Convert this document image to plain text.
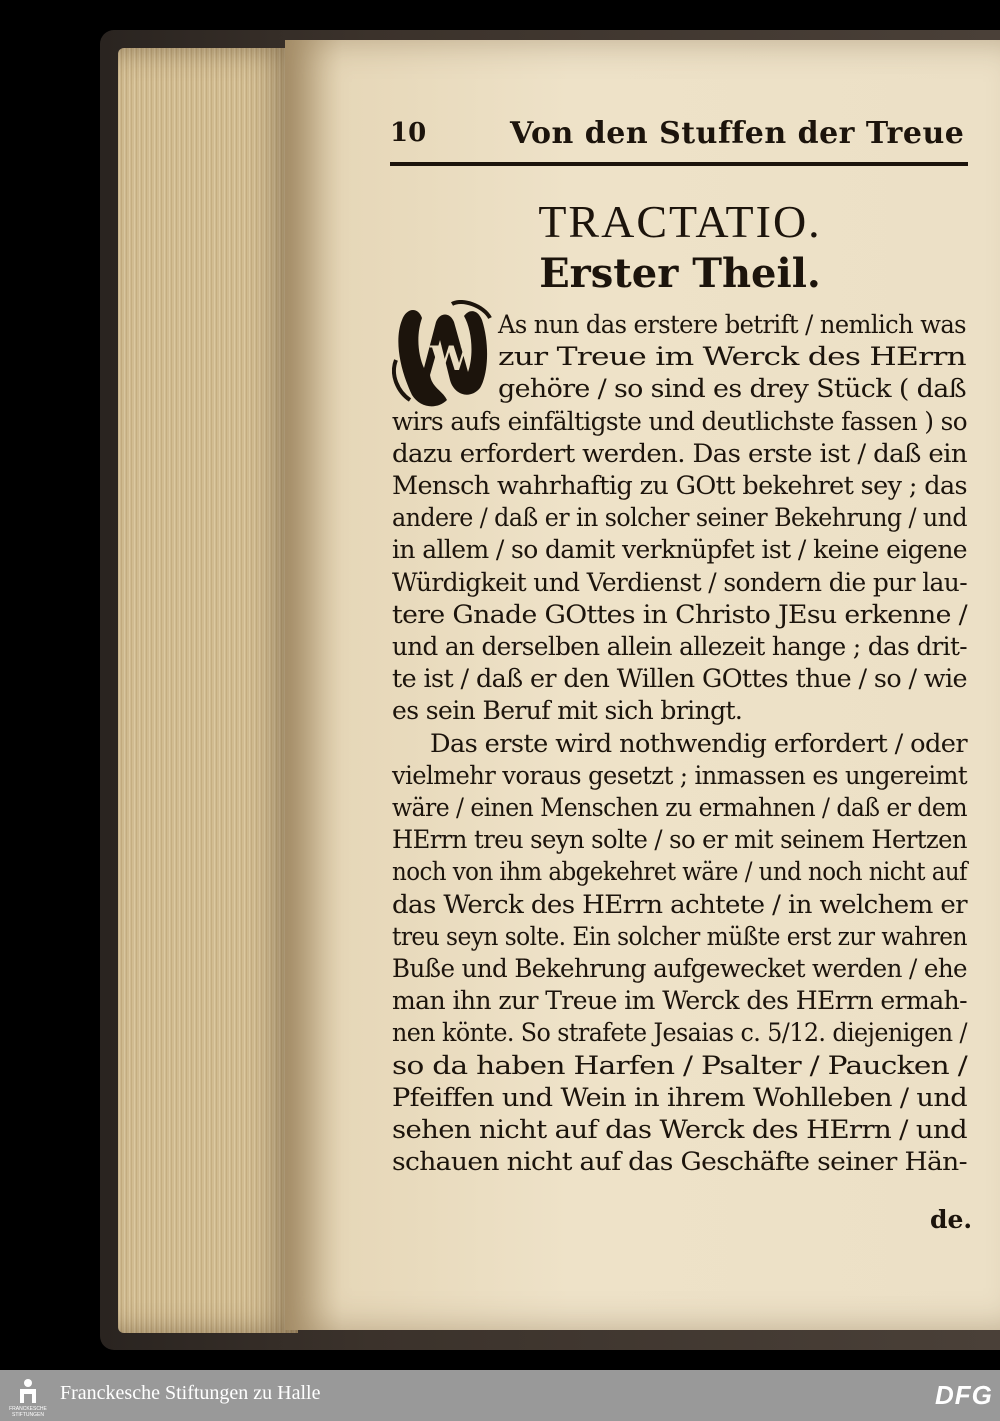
10	Von den Stuffen der Treue
TRACTATIO.
Erster Theil.
W
As nun das erstere betrift / nemlich was
zur Treue im Werck des HErrn
gehöre / so sind es drey Stück ( daß
wirs aufs einfältigste und deutlichste fassen ) so
dazu erfordert werden. Das erste ist / daß ein
Mensch wahrhaftig zu GOtt bekehret sey ; das
andere / daß er in solcher seiner Bekehrung / und
in allem / so damit verknüpfet ist / keine eigene
Würdigkeit und Verdienst / sondern die pur lau-
tere Gnade GOttes in Christo JEsu erkenne /
und an derselben allein allezeit hange ; das drit-
te ist / daß er den Willen GOttes thue / so / wie
es sein Beruf mit sich bringt.
Das erste wird nothwendig erfordert / oder
vielmehr voraus gesetzt ; inmassen es ungereimt
wäre / einen Menschen zu ermahnen / daß er dem
HErrn treu seyn solte / so er mit seinem Hertzen
noch von ihm abgekehret wäre / und noch nicht auf
das Werck des HErrn achtete / in welchem er
treu seyn solte. Ein solcher müßte erst zur wahren
Buße und Bekehrung aufgewecket werden / ehe
man ihn zur Treue im Werck des HErrn ermah-
nen könte. So strafete Jesaias c. 5/12. diejenigen /
so da haben Harfen / Psalter / Paucken /
Pfeiffen und Wein in ihrem Wohlleben / und
sehen nicht auf das Werck des HErrn / und
schauen nicht auf das Geschäfte seiner Hän-
de.
FRANCKESCHE
STIFTUNGEN
Franckesche Stiftungen zu Halle	DFG
